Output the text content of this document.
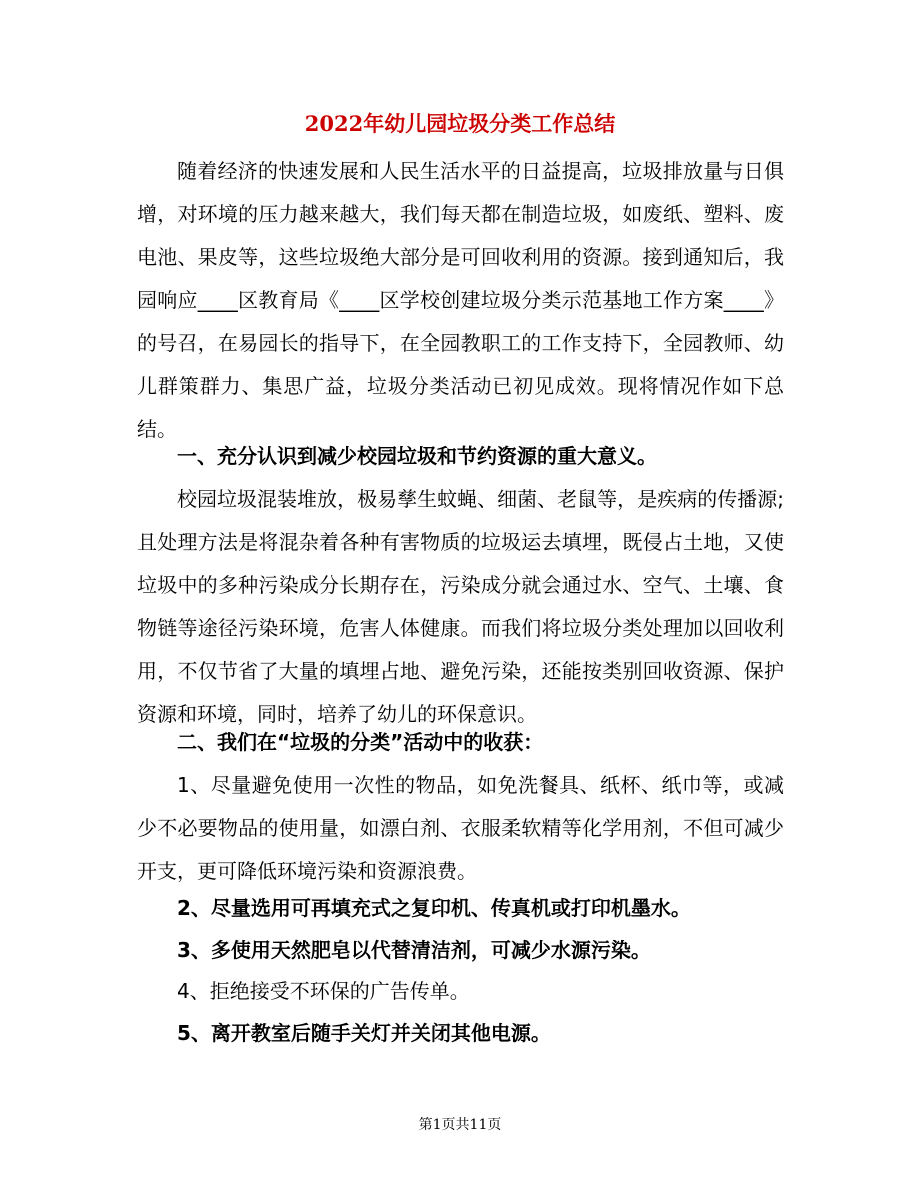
2022年幼儿园垃圾分类工作总结

随着经济的快速发展和人民生活水平的日益提高，垃圾排放量与日俱增，对环境的压力越来越大，我们每天都在制造垃圾，如废纸、塑料、废电池、果皮等，这些垃圾绝大部分是可回收利用的资源。接到通知后，我园响应____区教育局《____区学校创建垃圾分类示范基地工作方案____》的号召，在易园长的指导下，在全园教职工的工作支持下，全园教师、幼儿群策群力、集思广益，垃圾分类活动已初见成效。现将情况作如下总结。

一、充分认识到减少校园垃圾和节约资源的重大意义。

校园垃圾混装堆放，极易孳生蚊蝇、细菌、老鼠等，是疾病的传播源;且处理方法是将混杂着各种有害物质的垃圾运去填埋，既侵占土地，又使垃圾中的多种污染成分长期存在，污染成分就会通过水、空气、土壤、食物链等途径污染环境，危害人体健康。而我们将垃圾分类处理加以回收利用，不仅节省了大量的填埋占地、避免污染，还能按类别回收资源、保护资源和环境，同时，培养了幼儿的环保意识。

二、我们在“垃圾的分类”活动中的收获：

1、尽量避免使用一次性的物品，如免洗餐具、纸杯、纸巾等，或减少不必要物品的使用量，如漂白剂、衣服柔软精等化学用剂，不但可减少开支，更可降低环境污染和资源浪费。

2、尽量选用可再填充式之复印机、传真机或打印机墨水。

3、多使用天然肥皂以代替清洁剂，可减少水源污染。

4、拒绝接受不环保的广告传单。

5、离开教室后随手关灯并关闭其他电源。

第1页共11页
